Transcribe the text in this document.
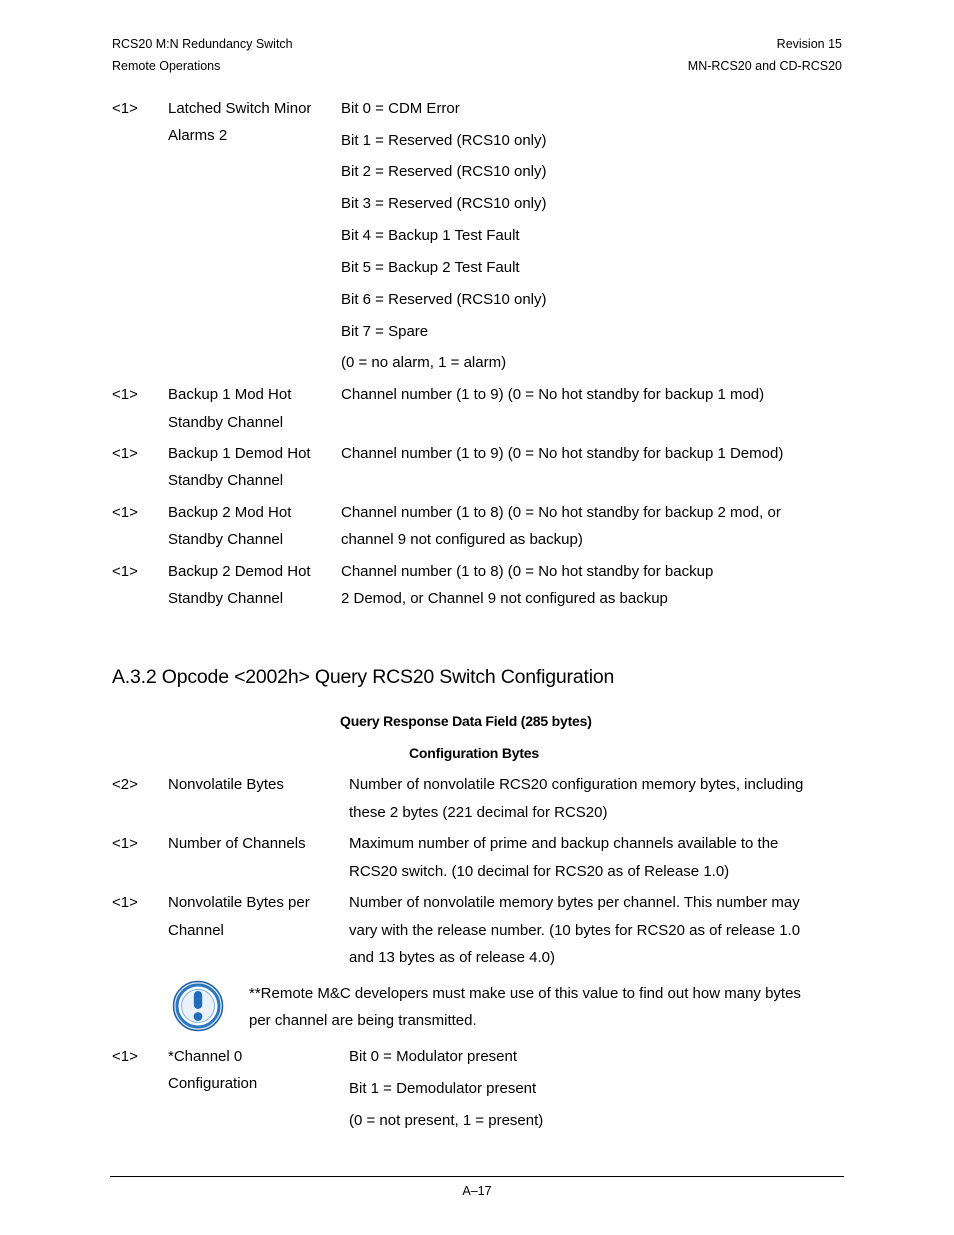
RCS20 M:N Redundancy Switch
Remote Operations
Revision 15
MN-RCS20 and CD-RCS20
<1> Latched Switch Minor
Alarms 2
Bit 0 = CDM Error
Bit 1 = Reserved (RCS10 only)
Bit 2 = Reserved (RCS10 only)
Bit 3 = Reserved (RCS10 only)
Bit 4 = Backup 1 Test Fault
Bit 5 = Backup 2 Test Fault
Bit 6 = Reserved (RCS10 only)
Bit 7 = Spare
(0 = no alarm, 1 = alarm)
<1> Backup 1 Mod Hot
Standby Channel
Channel number (1 to 9) (0 = No hot standby for backup 1 mod)
<1> Backup 1 Demod Hot
Standby Channel
Channel number (1 to 9) (0 = No hot standby for backup 1 Demod)
<1> Backup 2 Mod Hot
Standby Channel
Channel number (1 to 8) (0 = No hot standby for backup 2 mod, or
channel 9 not configured as backup)
<1> Backup 2 Demod Hot
Standby Channel
Channel number (1 to 8) (0 = No hot standby for backup
2 Demod, or Channel 9 not configured as backup
A.3.2 Opcode <2002h> Query RCS20 Switch Configuration
Query Response Data Field (285 bytes)
Configuration Bytes
<2> Nonvolatile Bytes	Number of nonvolatile RCS20 configuration memory bytes, including
these 2 bytes (221 decimal for RCS20)
<1> Number of Channels	Maximum number of prime and backup channels available to the
RCS20 switch. (10 decimal for RCS20 as of Release 1.0)
<1> Nonvolatile Bytes per
Channel
Number of nonvolatile memory bytes per channel. This number may
vary with the release number. (10 bytes for RCS20 as of release 1.0
and 13 bytes as of release 4.0)
**Remote M&C developers must make use of this value to find out how many bytes
per channel are being transmitted.
<1> *Channel 0
Configuration
Bit 0 = Modulator present
Bit 1 = Demodulator present
(0 = not present, 1 = present)
A–17
